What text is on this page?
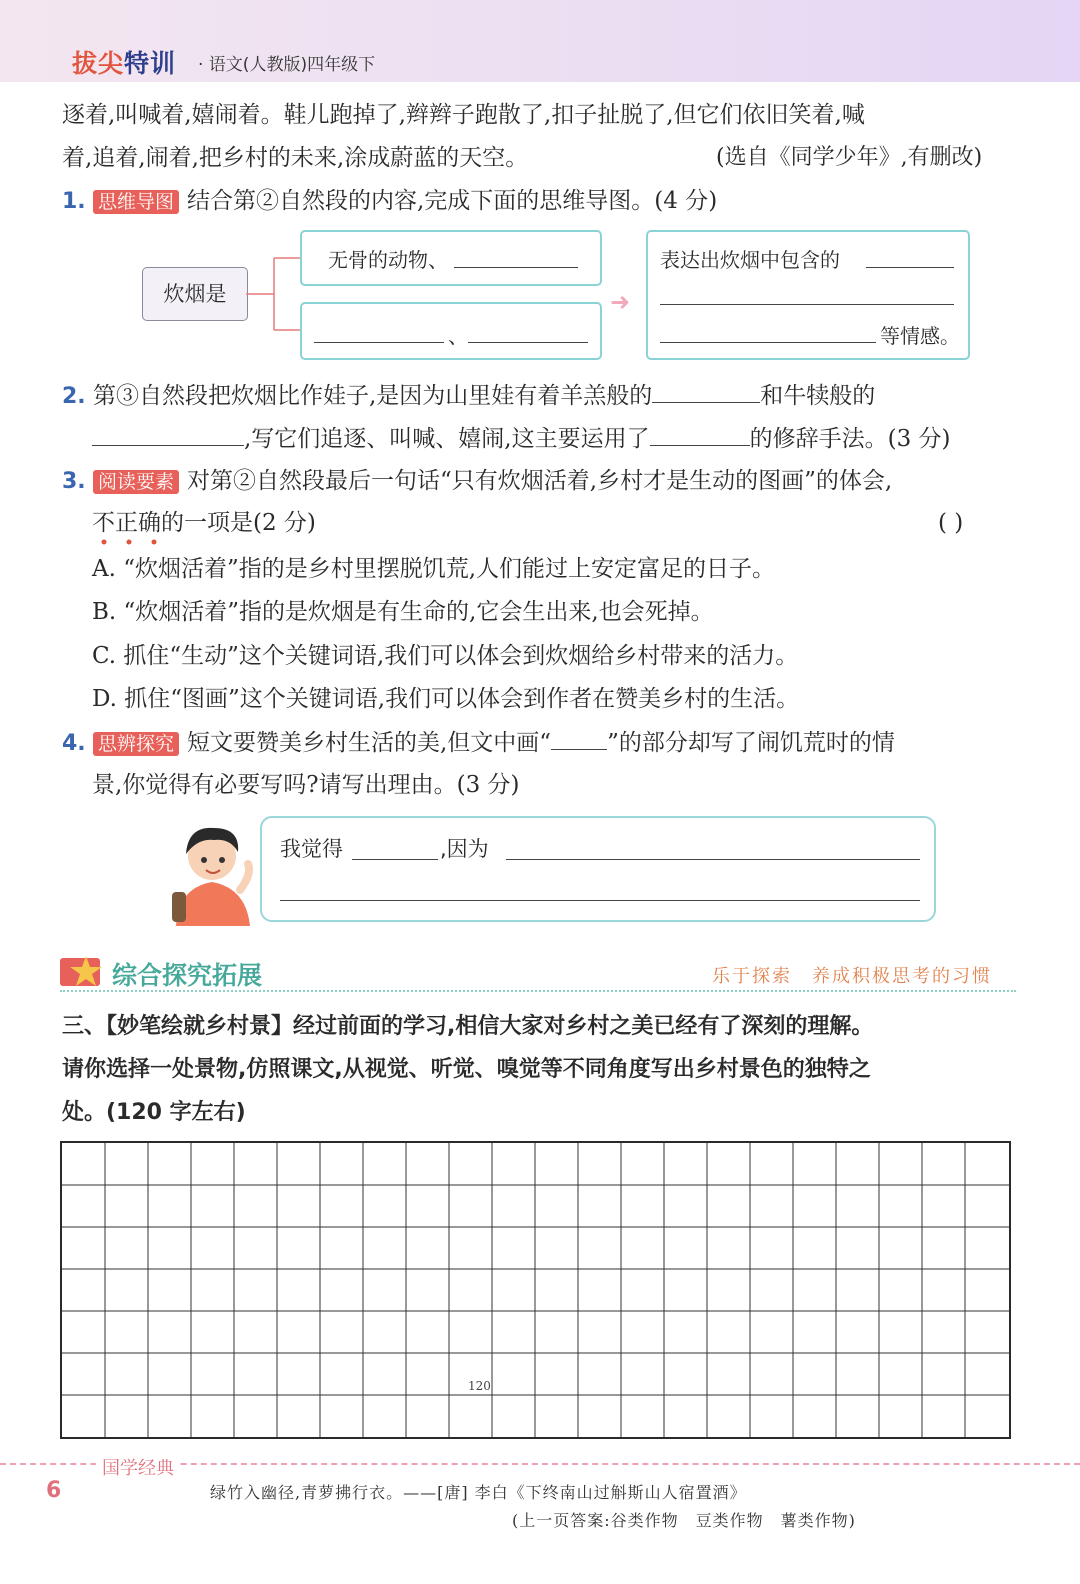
拔尖特训 · 语文(人教版)四年级下
逐着,叫喊着,嬉闹着。鞋儿跑掉了,辫辫子跑散了,扣子扯脱了,但它们依旧笑着,喊
着,追着,闹着,把乡村的未来,涂成蔚蓝的天空。	(选自《同学少年》,有删改)
1. 思维导图 结合第②自然段的内容,完成下面的思维导图。(4 分)
炊烟是
无骨的动物、
、
➜
表达出炊烟中包含的
等情感。
2. 第③自然段把炊烟比作娃子,是因为山里娃有着羊羔般的	和牛犊般的
,写它们追逐、叫喊、嬉闹,这主要运用了	的修辞手法。(3 分)
3. 阅读要素 对第②自然段最后一句话“只有炊烟活着,乡村才是生动的图画”的体会,
不正确的一项是(2 分)	( )
A. “炊烟活着”指的是乡村里摆脱饥荒,人们能过上安定富足的日子。
B. “炊烟活着”指的是炊烟是有生命的,它会生出来,也会死掉。
C. 抓住“生动”这个关键词语,我们可以体会到炊烟给乡村带来的活力。
D. 抓住“图画”这个关键词语,我们可以体会到作者在赞美乡村的生活。
4. 思辨探究 短文要赞美乡村生活的美,但文中画“ ”的部分却写了闹饥荒时的情
景,你觉得有必要写吗?请写出理由。(3 分)
我觉得	,因为
综合探究拓展	乐于探索　养成积极思考的习惯
三、【妙笔绘就乡村景】经过前面的学习,相信大家对乡村之美已经有了深刻的理解。
请你选择一处景物,仿照课文,从视觉、听觉、嗅觉等不同角度写出乡村景色的独特之
处。(120 字左右)
120
国学经典
6	绿竹入幽径,青萝拂行衣。——[唐] 李白《下终南山过斛斯山人宿置酒》
(上一页答案:谷类作物　豆类作物　薯类作物)
